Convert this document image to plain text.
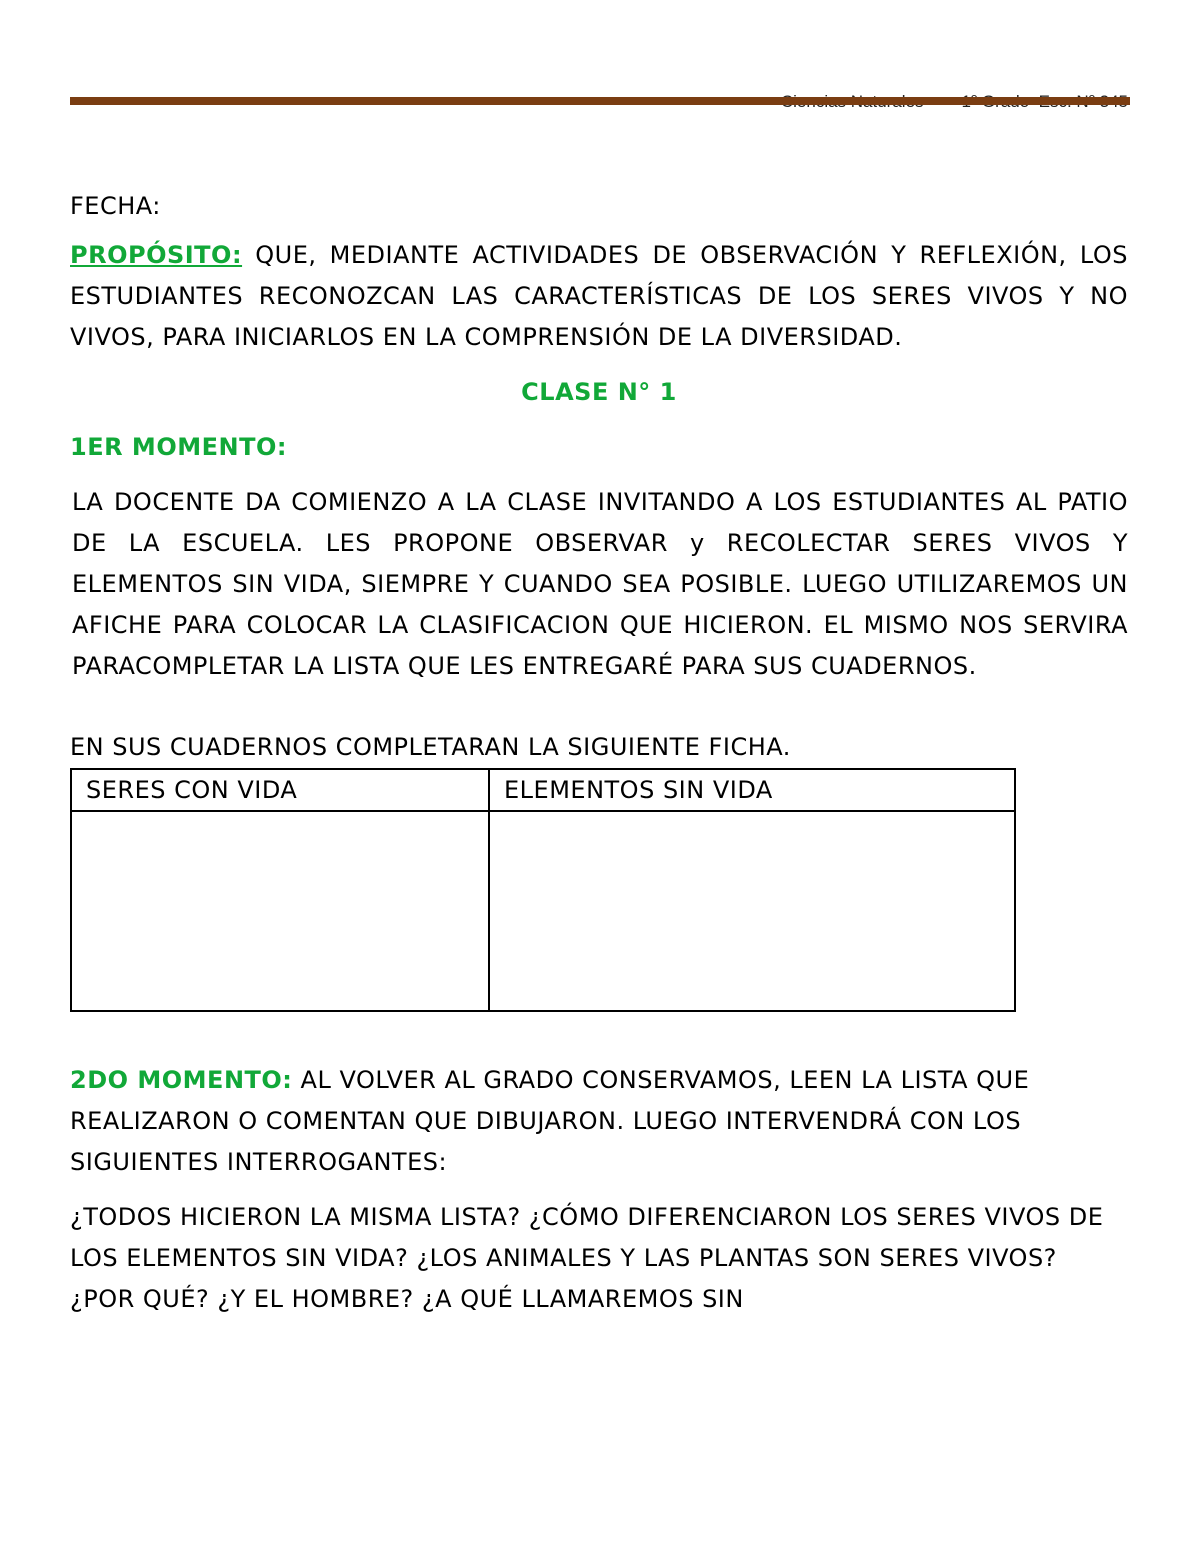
FECHA:

PROPÓSITO: QUE, MEDIANTE ACTIVIDADES DE OBSERVACIÓN Y REFLEXIÓN, LOS ESTUDIANTES RECONOZCAN LAS CARACTERÍSTICAS DE LOS SERES VIVOS Y NO VIVOS, PARA INICIARLOS EN LA COMPRENSIÓN DE LA DIVERSIDAD.

CLASE N° 1

1ER MOMENTO:

LA DOCENTE DA COMIENZO A LA CLASE INVITANDO A LOS ESTUDIANTES AL PATIO DE LA ESCUELA. LES PROPONE OBSERVAR y RECOLECTAR SERES VIVOS Y ELEMENTOS SIN VIDA, SIEMPRE Y CUANDO SEA POSIBLE. LUEGO UTILIZAREMOS UN AFICHE PARA COLOCAR LA CLASIFICACION QUE HICIERON. EL MISMO NOS SERVIRA PARACOMPLETAR LA LISTA QUE LES ENTREGARÉ PARA SUS CUADERNOS.

EN SUS CUADERNOS COMPLETARAN LA SIGUIENTE FICHA.

SERES CON VIDA	ELEMENTOS SIN VIDA

2DO MOMENTO: AL VOLVER AL GRADO CONSERVAMOS, LEEN LA LISTA QUE REALIZARON O COMENTAN QUE DIBUJARON. LUEGO INTERVENDRÁ CON LOS SIGUIENTES INTERROGANTES:

¿TODOS HICIERON LA MISMA LISTA? ¿CÓMO DIFERENCIARON LOS SERES VIVOS DE LOS ELEMENTOS SIN VIDA? ¿LOS ANIMALES Y LAS PLANTAS SON SERES VIVOS? ¿POR QUÉ? ¿Y EL HOMBRE? ¿A QUÉ LLAMAREMOS SIN
